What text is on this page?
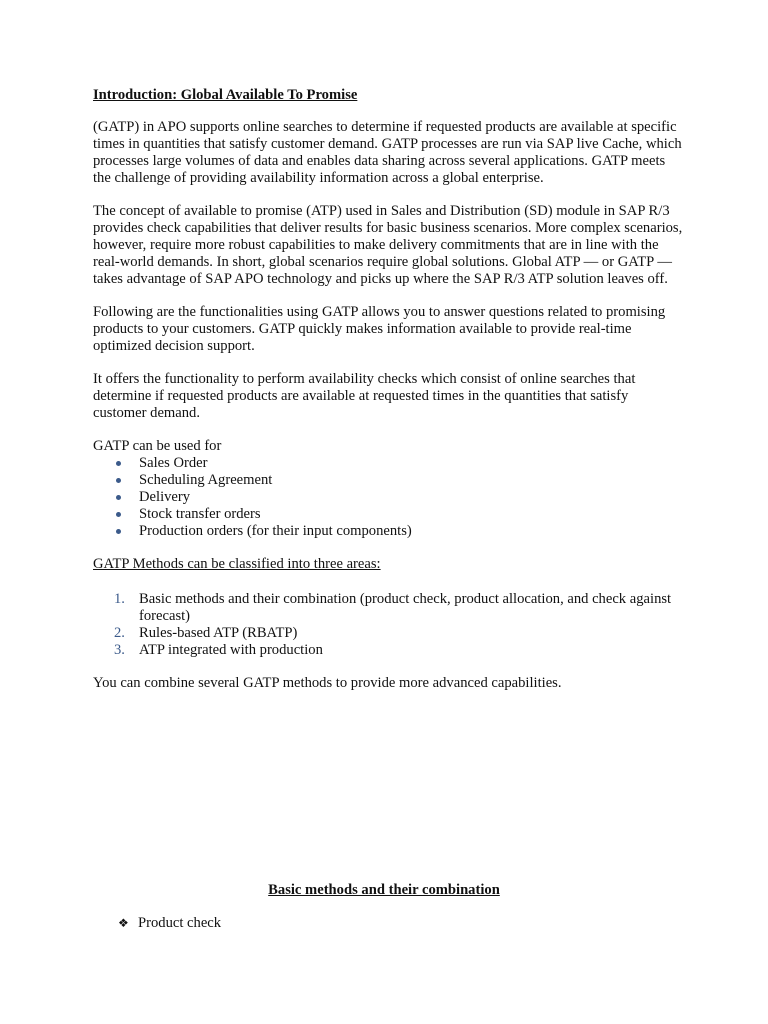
Introduction: Global Available To Promise

(GATP) in APO supports online searches to determine if requested products are available at specific times in quantities that satisfy customer demand. GATP processes are run via SAP live Cache, which processes large volumes of data and enables data sharing across several applications. GATP meets the challenge of providing availability information across a global enterprise.

The concept of available to promise (ATP) used in Sales and Distribution (SD) module in SAP R/3 provides check capabilities that deliver results for basic business scenarios. More complex scenarios, however, require more robust capabilities to make delivery commitments that are in line with the real-world demands. In short, global scenarios require global solutions. Global ATP — or GATP — takes advantage of SAP APO technology and picks up where the SAP R/3 ATP solution leaves off.

Following are the functionalities using GATP allows you to answer questions related to promising products to your customers. GATP quickly makes information available to provide real-time optimized decision support.

It offers the functionality to perform availability checks which consist of online searches that determine if requested products are available at requested times in the quantities that satisfy customer demand.

GATP can be used for
Sales Order
Scheduling Agreement
Delivery
Stock transfer orders
Production orders (for their input components)
GATP Methods can be classified into three areas:
1. Basic methods and their combination (product check, product allocation, and check against forecast)
2. Rules-based ATP (RBATP)
3. ATP integrated with production

You can combine several GATP methods to provide more advanced capabilities.

Basic methods and their combination
❖ Product check
